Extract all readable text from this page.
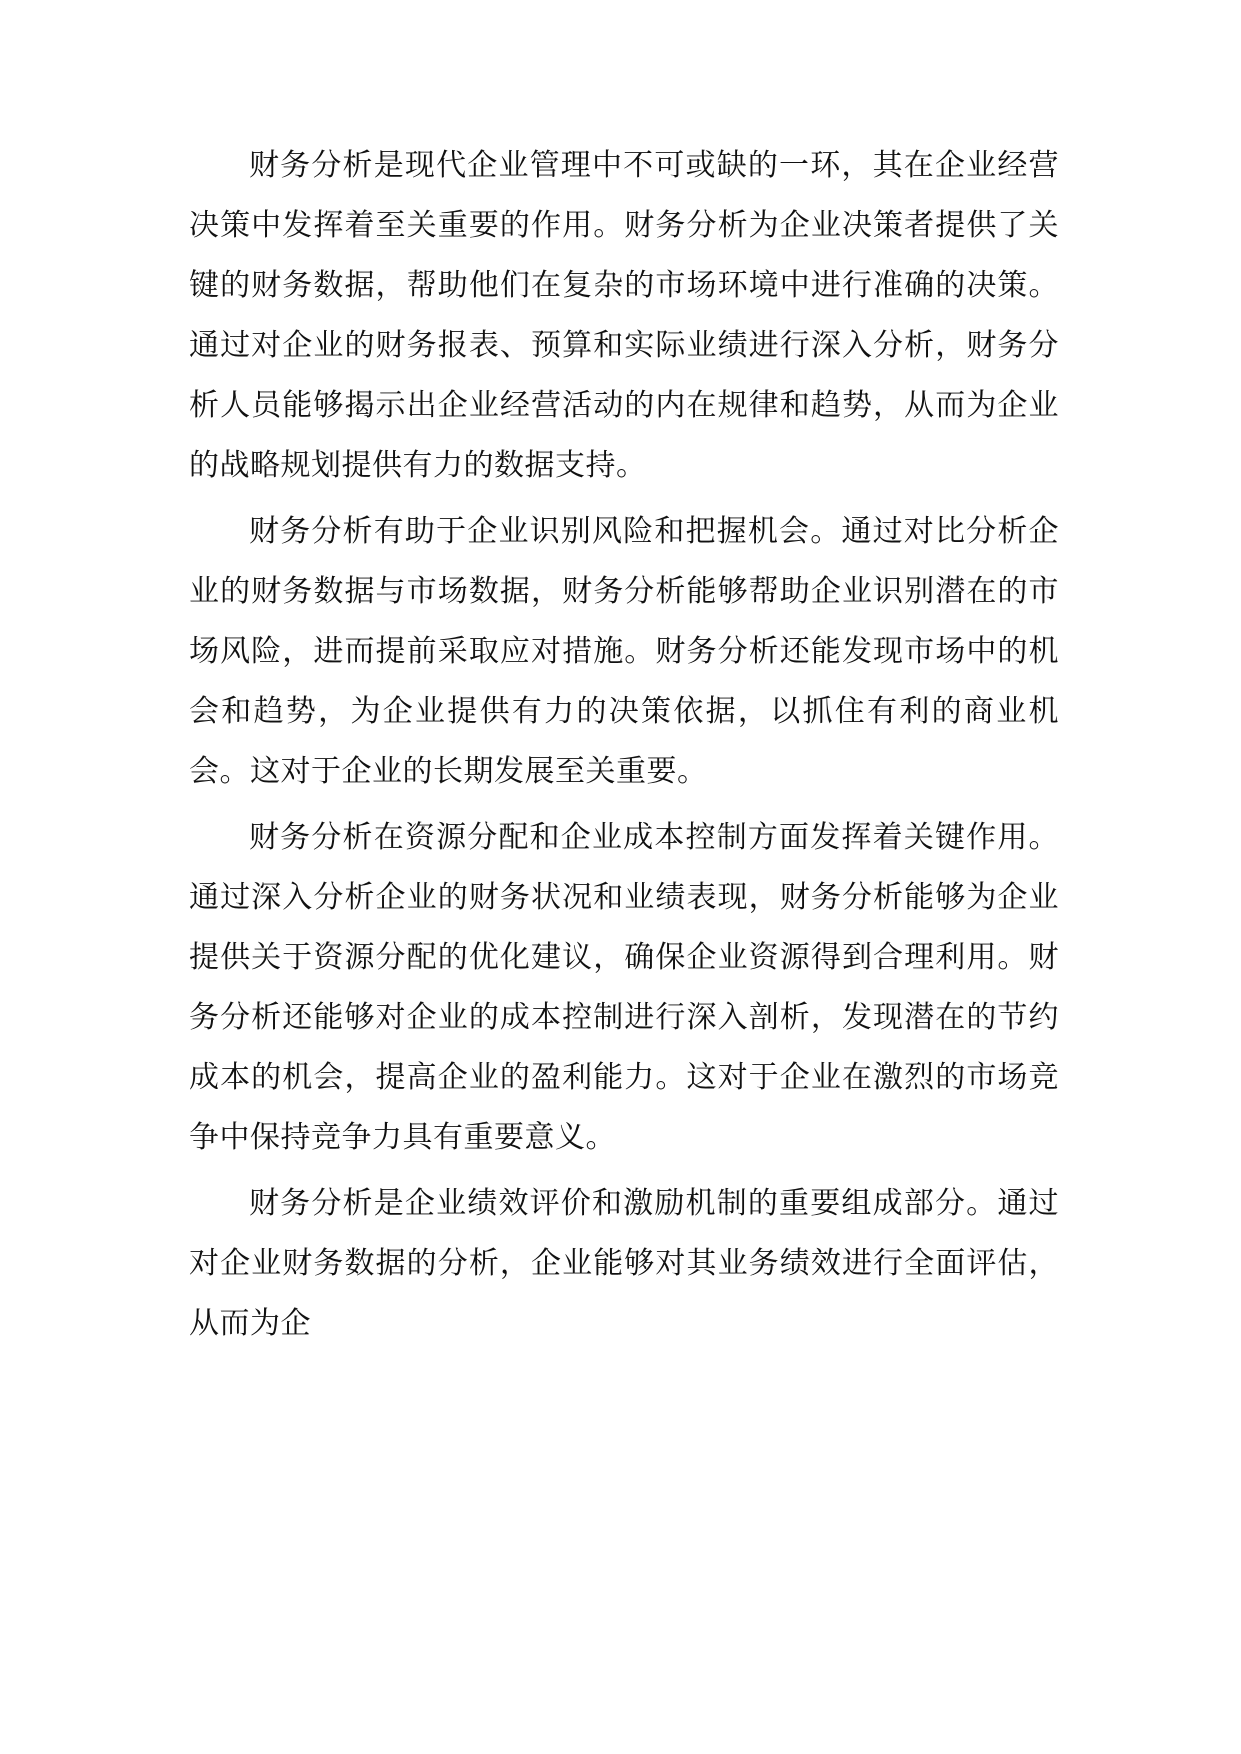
财务分析是现代企业管理中不可或缺的一环，其在企业经营决策中发挥着至关重要的作用。财务分析为企业决策者提供了关键的财务数据，帮助他们在复杂的市场环境中进行准确的决策。通过对企业的财务报表、预算和实际业绩进行深入分析，财务分析人员能够揭示出企业经营活动的内在规律和趋势，从而为企业的战略规划提供有力的数据支持。

财务分析有助于企业识别风险和把握机会。通过对比分析企业的财务数据与市场数据，财务分析能够帮助企业识别潜在的市场风险，进而提前采取应对措施。财务分析还能发现市场中的机会和趋势，为企业提供有力的决策依据，以抓住有利的商业机会。这对于企业的长期发展至关重要。

财务分析在资源分配和企业成本控制方面发挥着关键作用。通过深入分析企业的财务状况和业绩表现，财务分析能够为企业提供关于资源分配的优化建议，确保企业资源得到合理利用。财务分析还能够对企业的成本控制进行深入剖析，发现潜在的节约成本的机会，提高企业的盈利能力。这对于企业在激烈的市场竞争中保持竞争力具有重要意义。

财务分析是企业绩效评价和激励机制的重要组成部分。通过对企业财务数据的分析，企业能够对其业务绩效进行全面评估，从而为企
